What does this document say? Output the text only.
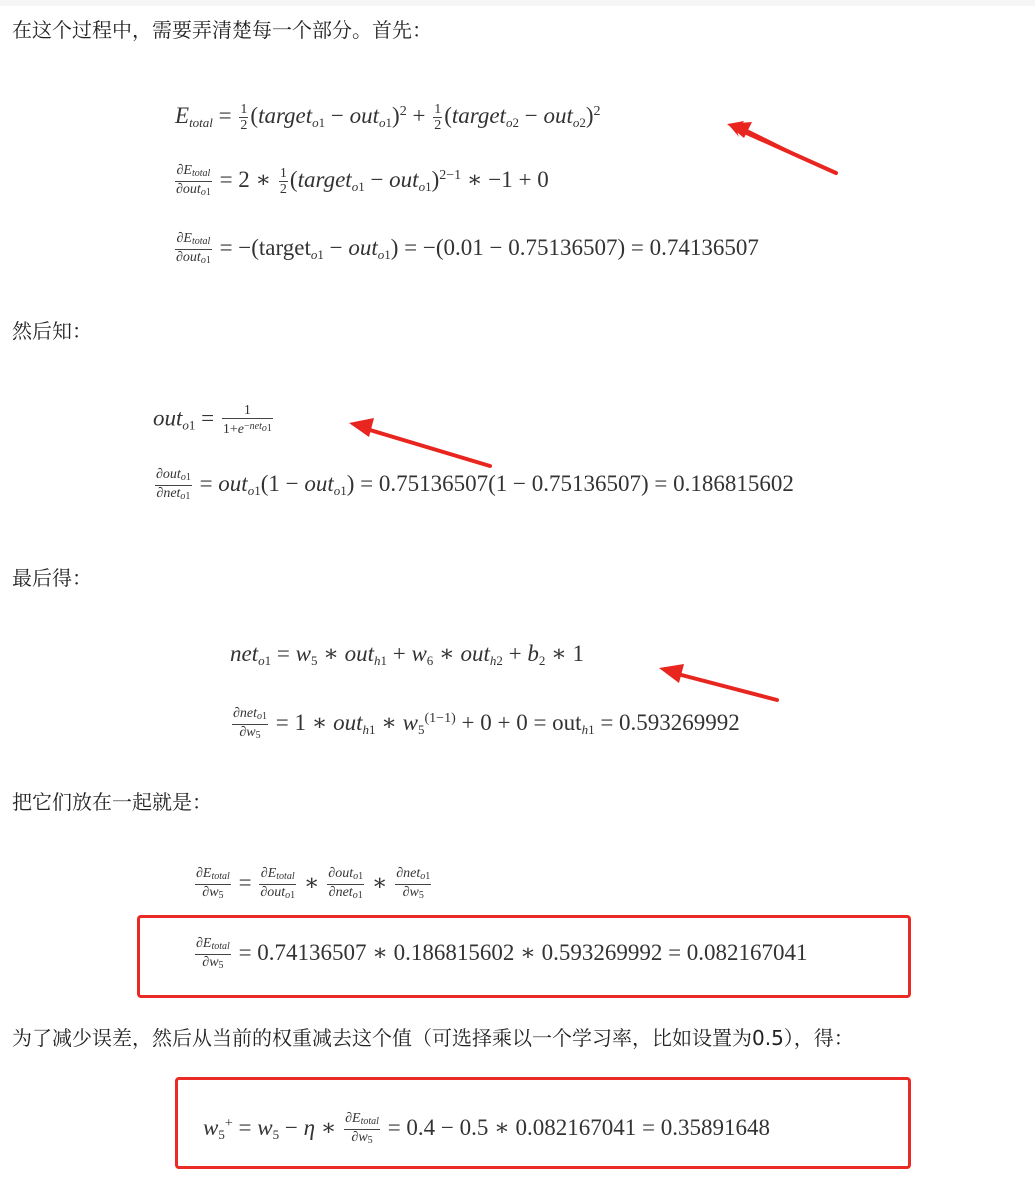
在这个过程中，需要弄清楚每一个部分。首先：
$E_{total} = \frac{1}{2}$ (target$_{o1}$ − $out_{o1})^2 + \frac{1}{2}$ (target$_{o2}$ − out$_{o2}$)$^2$
$\frac{\partial E_{total}}{\partial out_{o1}} = 2$ ∗ $\frac{1}{2}$ (target$_{o1}$ − out$_{o1}$)$^{2-1}$ ∗ −1 + 0
$\frac{\partial E_{total}}{\partial out_{o1}}$ = −(target$_{o1}$ − out$_{o1}$) = −(0.01 − 0.75136507) = 0.74136507
然后知：
$out_{o1} = \frac{1}{1+e^{-net_{o1}}}$
$\frac{\partial out_{o1}}{\partial net_{o1}} = out_{o1}(1 - out_{o1}) = 0.75136507(1 - 0.75136507) = 0.186815602$
最后得：
$net_{o1} = w_5$ ∗ $out_{h1} + w_6$ ∗ $out_{h2} + b_2$ ∗ 1
$\frac{\partial net_{o1}}{\partial w_5} = 1$ ∗ out$_{h1}$ ∗ $w_5^{(1-1)} + 0 + 0 = out_{h1} = 0.593269992$
把它们放在一起就是：
$\frac{\partial E_{total}}{\partial w_5} = \frac{\partial E_{total}}{\partial out_{o1}}$ ∗ $\frac{\partial out_{o1}}{\partial net_{o1}}$ ∗ $\frac{\partial net_{o1}}{\partial w_5}$
$\frac{\partial E_{total}}{\partial w_5} = 0.74136507$ ∗ 0.186815602 ∗ 0.593269992 = 0.082167041
为了减少误差，然后从当前的权重减去这个值（可选择乘以一个学习率，比如设置为0.5），得：
$w_5^+ = w_5 - \eta$ ∗ $\frac{\partial E_{total}}{\partial w_5} = 0.4 - 0.5$ ∗ 0.082167041 = 0.35891648
